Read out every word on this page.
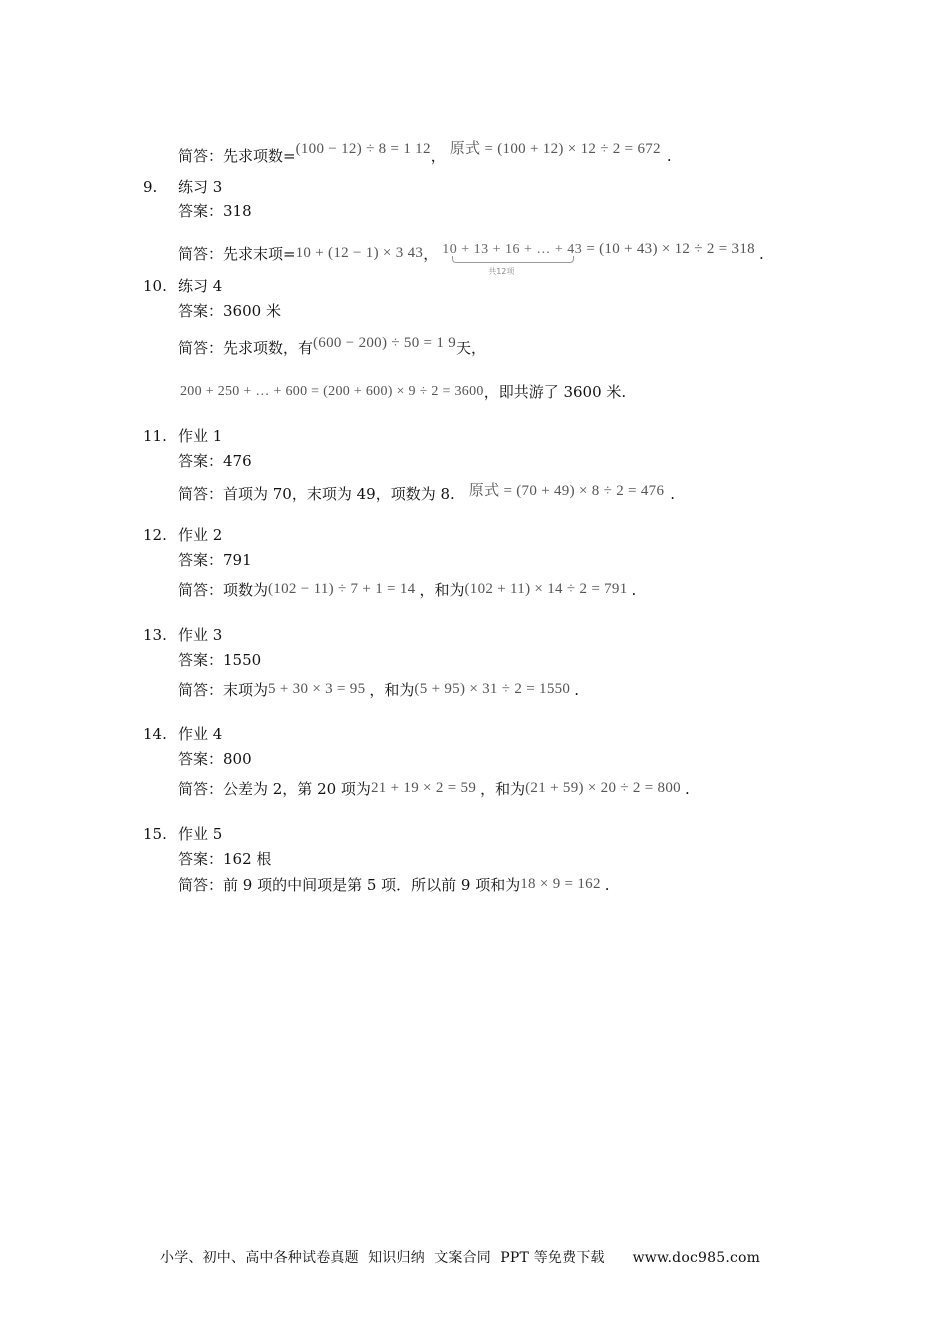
简答：先求项数=(100 − 12) ÷ 8 = 1 12， 原式 = (100 + 12) × 12 ÷ 2 = 672 .
9. 练习 3
答案：318
简答：先求末项=10 + (12 − 1) × 3 43， 10 + 13 + 16 + … + 43
共12项
= (10 + 43) × 12 ÷ 2 = 318 .
10. 练习 4
答案：3600 米
简答：先求项数，有(600 − 200) ÷ 50 = 1 9天，
200 + 250 + … + 600 = (200 + 600) × 9 ÷ 2 = 3600，即共游了 3600 米.
11. 作业 1
答案：476
简答：首项为 70，末项为 49，项数为 8. 原式 = (70 + 49) × 8 ÷ 2 = 476 .
12. 作业 2
答案：791
简答：项数为(102 − 11) ÷ 7 + 1 = 14 ，和为(102 + 11) × 14 ÷ 2 = 791 .
13. 作业 3
答案：1550
简答：末项为5 + 30 × 3 = 95 ，和为(5 + 95) × 31 ÷ 2 = 1550 .
14. 作业 4
答案：800
简答：公差为 2，第 20 项为21 + 19 × 2 = 59 ，和为(21 + 59) × 20 ÷ 2 = 800 .
15. 作业 5
答案：162 根
简答：前 9 项的中间项是第 5 项．所以前 9 项和为18 × 9 = 162 .
小学、初中、高中各种试卷真题  知识归纳  文案合同  PPT 等免费下载      www.doc985.com
